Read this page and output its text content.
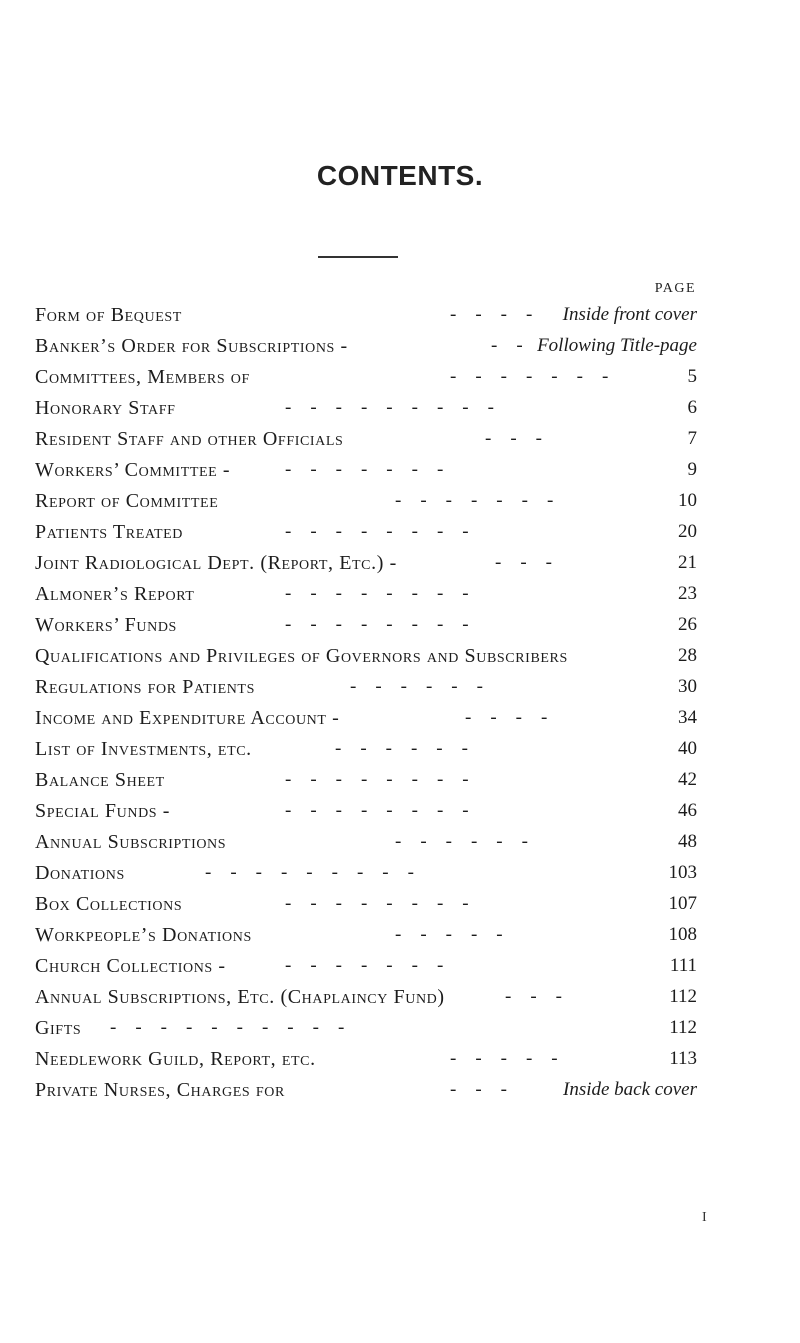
CONTENTS.
PAGE
Form of Bequest	-    -    -    - Inside front cover
Banker’s Order for Subscriptions -	-    - Following Title-page
Committees, Members of	-    -    -    -    -    -    -	5
Honorary Staff	-    -    -    -    -    -    -    -    -	6
Resident Staff and other Officials	-    -    -	7
Workers’ Committee -	-    -    -    -    -    -    -	9
Report of Committee	-    -    -    -    -    -    -	10
Patients Treated	-    -    -    -    -    -    -    -	20
Joint Radiological Dept. (Report, Etc.) -	-    -    -	21
Almoner’s Report	-    -    -    -    -    -    -    -	23
Workers’ Funds	-    -    -    -    -    -    -    -	26
Qualifications and Privileges of Governors and Subscribers	28
Regulations for Patients	-    -    -    -    -    -	30
Income and Expenditure Account -	-    -    -    -	34
List of Investments, etc.	-    -    -    -    -    -	40
Balance Sheet	-    -    -    -    -    -    -    -	42
Special Funds -	-    -    -    -    -    -    -    -	46
Annual Subscriptions	-    -    -    -    -    -	48
Donations	-    -    -    -    -    -    -    -    -	103
Box Collections	-    -    -    -    -    -    -    -	107
Workpeople’s Donations	-    -    -    -    -	108
Church Collections -	-    -    -    -    -    -    -	111
Annual Subscriptions, Etc. (Chaplaincy Fund)	-    -    -	112
Gifts -    -    -    -    -    -    -    -    -    -	112
Needlework Guild, Report, etc.	-    -    -    -    -	113
Private Nurses, Charges for	-    -    -	Inside back cover
I
